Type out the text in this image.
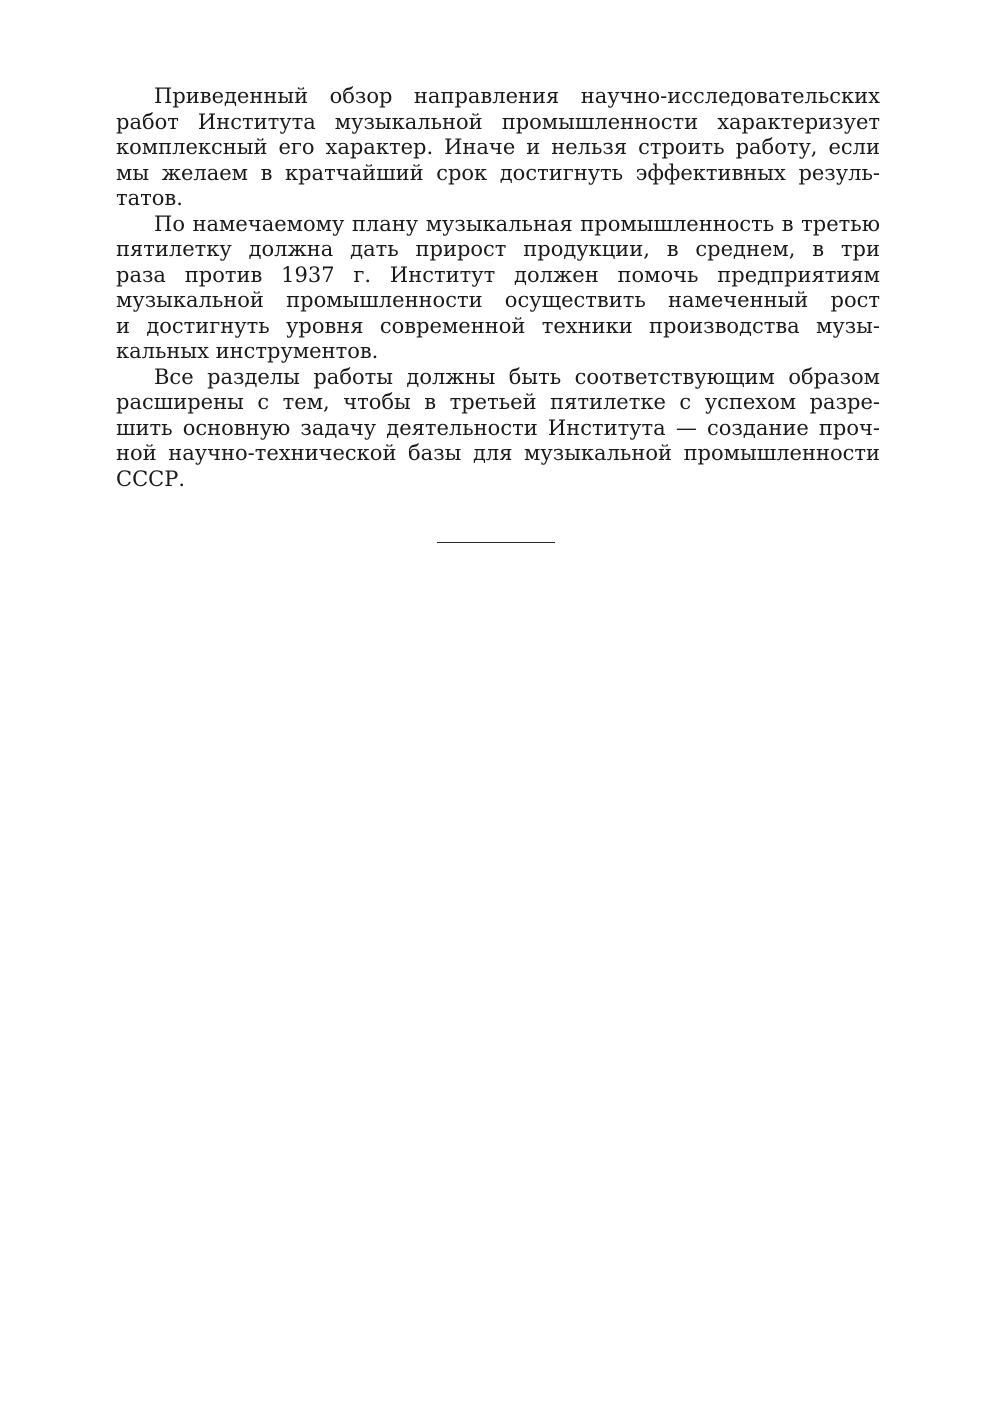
Приведенный обзор направления научно-исследовательских
работ Института музыкальной промышленности характеризует
комплексный его характер. Иначе и нельзя строить работу, если
мы желаем в кратчайший срок достигнуть эффективных резуль-
татов.
По намечаемому плану музыкальная промышленность в третью
пятилетку должна дать прирост продукции, в среднем, в три
раза против 1937 г. Институт должен помочь предприятиям
музыкальной промышленности осуществить намеченный рост
и достигнуть уровня современной техники производства музы-
кальных инструментов.
Все разделы работы должны быть соответствующим образом
расширены с тем, чтобы в третьей пятилетке с успехом разре-
шить основную задачу деятельности Института — создание проч-
ной научно-технической базы для музыкальной промышленности
СССР.
